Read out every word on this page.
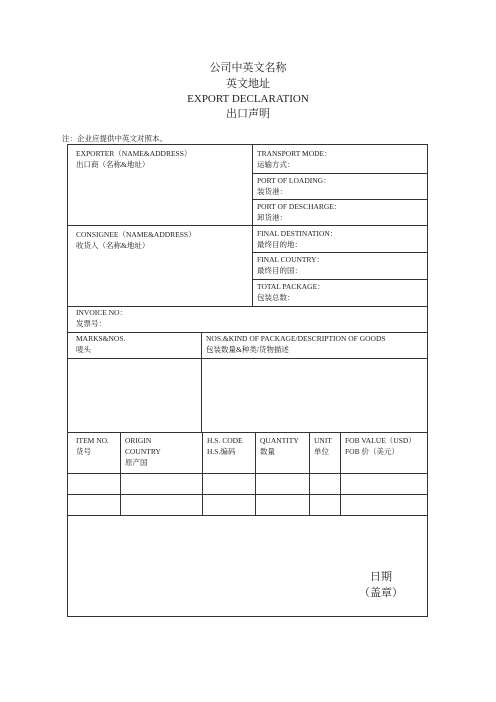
公司中英文名称
英文地址
EXPORT DECLARATION
出口声明
注：企业应提供中英文对照本。
EXPORTER（NAME&ADDRESS）
出口商（名称&地址）
CONSIGNEE（NAME&ADDRESS）
收货人（名称&地址）
TRANSPORT MODE：
运输方式：
PORT OF LOADING：
装货港：
PORT OF DESCHARGE：
卸货港：
FINAL DESTINATION：
最终目的地：
FINAL COUNTRY：
最终目的国：
TOTAL PACKAGE：
包装总数：
INVOICE NO：
发票号：
MARKS&NOS.
唛头
NOS.&KIND OF PACKAGE/DESCRIPTION OF GOODS
包装数量&种类/货物描述
ITEM NO.
货号
ORIGIN
COUNTRY
原产国
H.S. CODE
H.S.编码
QUANTITY
数量
UNIT
单位
FOB VALUE（USD）
FOB 价（美元）
日期
（盖章）
